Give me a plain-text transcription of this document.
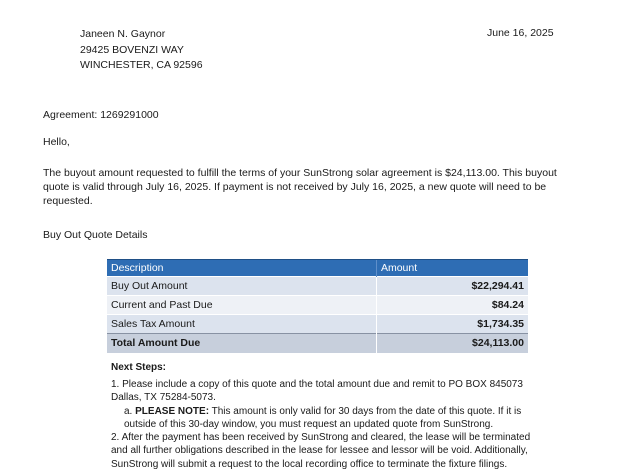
Janeen N. Gaynor
29425 BOVENZI WAY
WINCHESTER, CA 92596
June 16, 2025
Agreement: 1269291000
Hello,
The buyout amount requested to fulfill the terms of your SunStrong solar agreement is $24,113.00. This buyout quote is valid through July 16, 2025. If payment is not received by July 16, 2025, a new quote will need to be requested.
Buy Out Quote Details
Description	Amount
Buy Out Amount	$22,294.41
Current and Past Due	$84.24
Sales Tax Amount	$1,734.35
Total Amount Due	$24,113.00
Next Steps:
1. Please include a copy of this quote and the total amount due and remit to PO BOX 845073 Dallas, TX 75284-5073.
a. PLEASE NOTE: This amount is only valid for 30 days from the date of this quote. If it is outside of this 30-day window, you must request an updated quote from SunStrong.
2. After the payment has been received by SunStrong and cleared, the lease will be terminated and all further obligations described in the lease for lessee and lessor will be void. Additionally, SunStrong will submit a request to the local recording office to terminate the fixture filings.
